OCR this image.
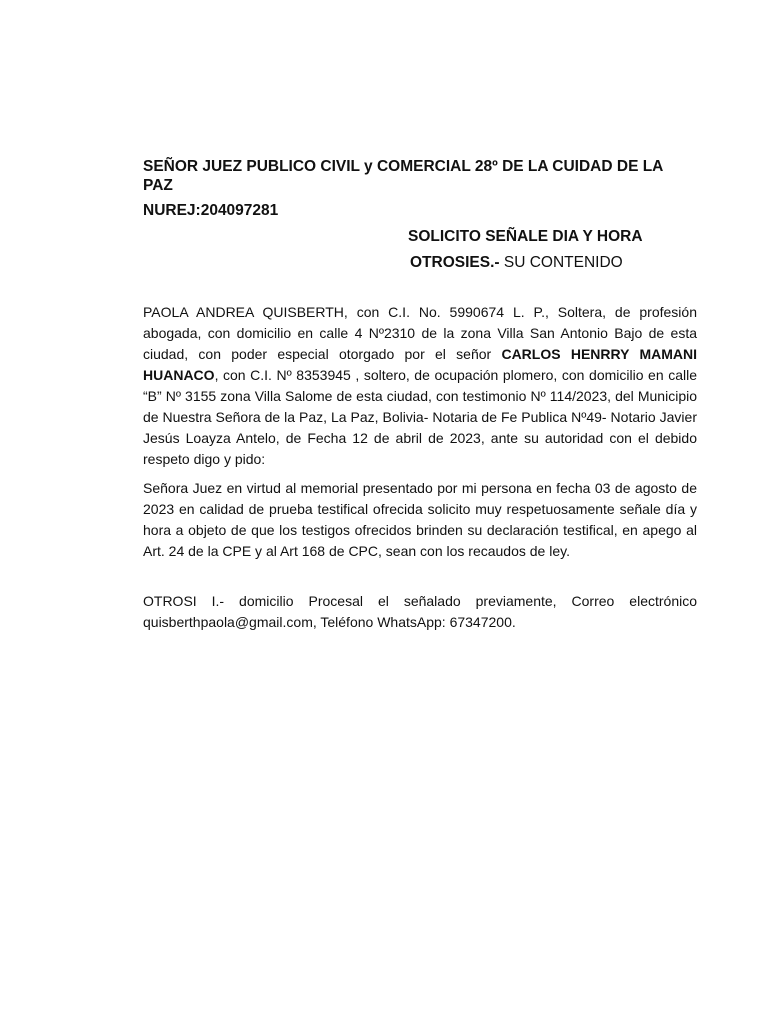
SEÑOR JUEZ PUBLICO CIVIL y COMERCIAL 28º DE LA CUIDAD DE LA PAZ

NUREJ:204097281

SOLICITO SEÑALE DIA Y HORA
OTROSIES.- SU CONTENIDO

PAOLA ANDREA QUISBERTH, con C.I. No. 5990674 L. P., Soltera, de profesión abogada, con domicilio en calle 4 Nº2310 de la zona Villa San Antonio Bajo de esta ciudad, con poder especial otorgado por el señor CARLOS HENRRY MAMANI HUANACO, con C.I. Nº 8353945 , soltero, de ocupación plomero, con domicilio en calle “B” Nº 3155 zona Villa Salome de esta ciudad, con testimonio Nº 114/2023, del Municipio de Nuestra Señora de la Paz, La Paz, Bolivia- Notaria de Fe Publica Nº49- Notario Javier Jesús Loayza Antelo, de Fecha 12 de abril de 2023, ante su autoridad con el debido respeto digo y pido:

Señora Juez en virtud al memorial presentado por mi persona en fecha 03 de agosto de 2023 en calidad de prueba testifical ofrecida solicito muy respetuosamente señale día y hora a objeto de que los testigos ofrecidos brinden su declaración testifical, en apego al Art. 24 de la CPE y al Art 168 de CPC, sean con los recaudos de ley.

OTROSI I.- domicilio Procesal el señalado previamente, Correo electrónico quisberthpaola@gmail.com, Teléfono WhatsApp: 67347200.
